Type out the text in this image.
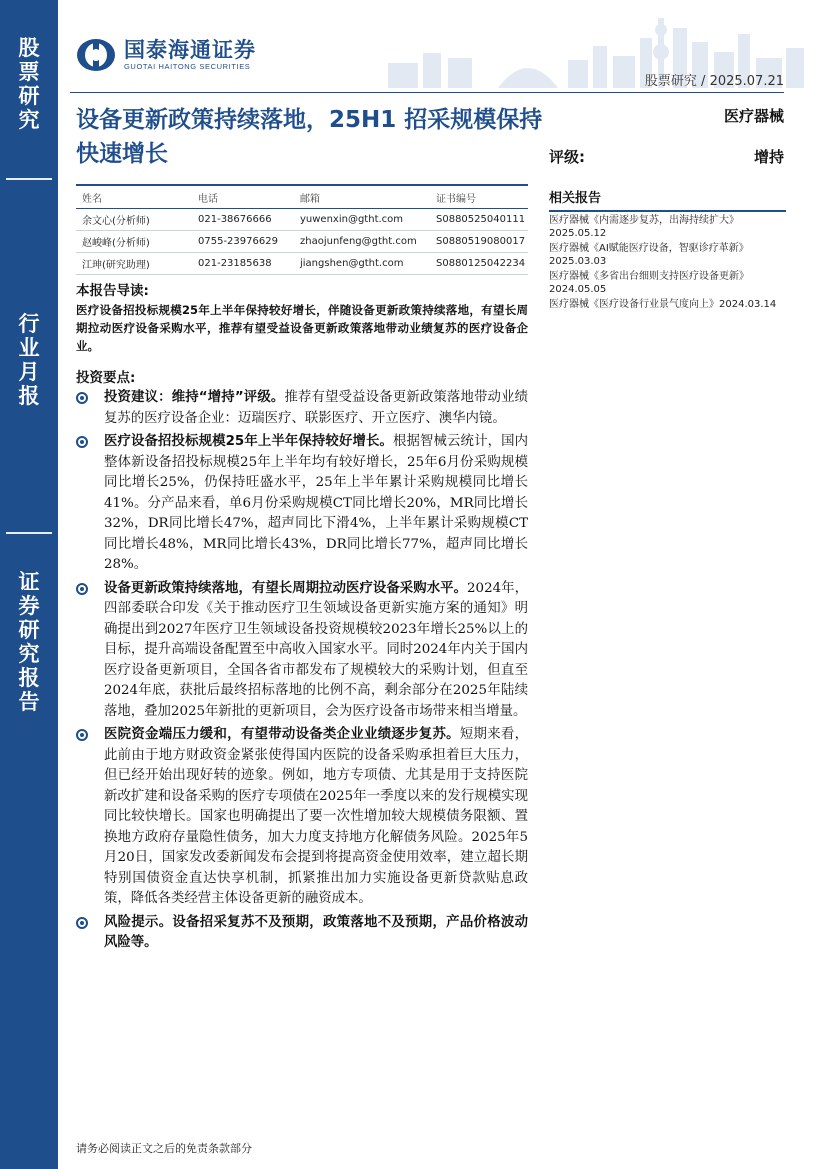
股
票
研
究
行
业
月
报
证
券
研
究
报
告
国泰海通证券
GUOTAI HAITONG SECURITIES
股票研究 / 2025.07.21
设备更新政策持续落地，25H1 招采规模保持快速增长
医疗器械
评级:	增持
姓名	电话	邮箱	证书编号
余文心(分析师)	021-38676666	yuwenxin@gtht.com	S0880525040111
赵峻峰(分析师)	0755-23976629	zhaojunfeng@gtht.com	S0880519080017
江珅(研究助理)	021-23185638	jiangshen@gtht.com	S0880125042234
相关报告
医疗器械《内需逐步复苏，出海持续扩大》
2025.05.12
医疗器械《AI赋能医疗设备，智驱诊疗革新》
2025.03.03
医疗器械《多省出台细则支持医疗设备更新》
2024.05.05
医疗器械《医疗设备行业景气度向上》2024.03.14
本报告导读:
医疗设备招投标规模25年上半年保持较好增长，伴随设备更新政策持续落地，有望长周期拉动医疗设备采购水平，推荐有望受益设备更新政策落地带动业绩复苏的医疗设备企业。
投资要点:
投资建议：维持“增持”评级。推荐有望受益设备更新政策落地带动业绩复苏的医疗设备企业：迈瑞医疗、联影医疗、开立医疗、澳华内镜。
医疗设备招投标规模25年上半年保持较好增长。根据智械云统计，国内整体新设备招投标规模25年上半年均有较好增长，25年6月份采购规模同比增长25%，仍保持旺盛水平，25年上半年累计采购规模同比增长41%。分产品来看，单6月份采购规模CT同比增长20%，MR同比增长32%，DR同比增长47%，超声同比下滑4%，上半年累计采购规模CT同比增长48%，MR同比增长43%，DR同比增长77%，超声同比增长28%。
设备更新政策持续落地，有望长周期拉动医疗设备采购水平。2024年，四部委联合印发《关于推动医疗卫生领域设备更新实施方案的通知》明确提出到2027年医疗卫生领域设备投资规模较2023年增长25%以上的目标，提升高端设备配置至中高收入国家水平。同时2024年内关于国内医疗设备更新项目，全国各省市都发布了规模较大的采购计划，但直至2024年底，获批后最终招标落地的比例不高，剩余部分在2025年陆续落地，叠加2025年新批的更新项目，会为医疗设备市场带来相当增量。
医院资金端压力缓和，有望带动设备类企业业绩逐步复苏。短期来看，此前由于地方财政资金紧张使得国内医院的设备采购承担着巨大压力，但已经开始出现好转的迹象。例如，地方专项债、尤其是用于支持医院新改扩建和设备采购的医疗专项债在2025年一季度以来的发行规模实现同比较快增长。国家也明确提出了要一次性增加较大规模债务限额、置换地方政府存量隐性债务，加大力度支持地方化解债务风险。2025年5月20日，国家发改委新闻发布会提到将提高资金使用效率，建立超长期特别国债资金直达快享机制，抓紧推出加力实施设备更新贷款贴息政策，降低各类经营主体设备更新的融资成本。
风险提示。设备招采复苏不及预期，政策落地不及预期，产品价格波动风险等。
请务必阅读正文之后的免责条款部分
